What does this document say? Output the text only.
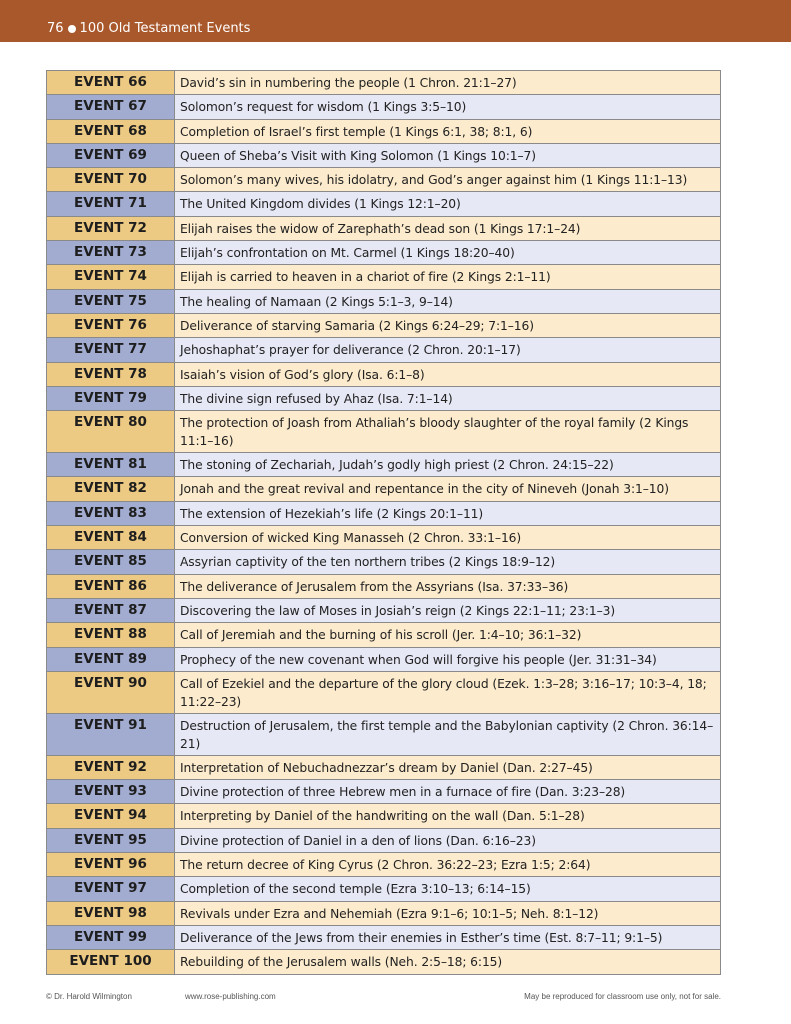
76 100 Old Testament Events
EVENT 66	David’s sin in numbering the people (1 Chron. 21:1–27)
EVENT 67	Solomon’s request for wisdom (1 Kings 3:5–10)
EVENT 68	Completion of Israel’s first temple (1 Kings 6:1, 38; 8:1, 6)
EVENT 69	Queen of Sheba’s Visit with King Solomon (1 Kings 10:1–7)
EVENT 70	Solomon’s many wives, his idolatry, and God’s anger against him (1 Kings 11:1–13)
EVENT 71	The United Kingdom divides (1 Kings 12:1–20)
EVENT 72	Elijah raises the widow of Zarephath’s dead son (1 Kings 17:1–24)
EVENT 73	Elijah’s confrontation on Mt. Carmel (1 Kings 18:20–40)
EVENT 74	Elijah is carried to heaven in a chariot of fire (2 Kings 2:1–11)
EVENT 75	The healing of Namaan (2 Kings 5:1–3, 9–14)
EVENT 76	Deliverance of starving Samaria (2 Kings 6:24–29; 7:1–16)
EVENT 77	Jehoshaphat’s prayer for deliverance (2 Chron. 20:1–17)
EVENT 78	Isaiah’s vision of God’s glory (Isa. 6:1–8)
EVENT 79	The divine sign refused by Ahaz (Isa. 7:1–14)
EVENT 80	The protection of Joash from Athaliah’s bloody slaughter of the royal family (2 Kings 11:1–16)
EVENT 81	The stoning of Zechariah, Judah’s godly high priest (2 Chron. 24:15–22)
EVENT 82	Jonah and the great revival and repentance in the city of Nineveh (Jonah 3:1–10)
EVENT 83	The extension of Hezekiah’s life (2 Kings 20:1–11)
EVENT 84	Conversion of wicked King Manasseh (2 Chron. 33:1–16)
EVENT 85	Assyrian captivity of the ten northern tribes (2 Kings 18:9–12)
EVENT 86	The deliverance of Jerusalem from the Assyrians (Isa. 37:33–36)
EVENT 87	Discovering the law of Moses in Josiah’s reign (2 Kings 22:1–11; 23:1–3)
EVENT 88	Call of Jeremiah and the burning of his scroll (Jer. 1:4–10; 36:1–32)
EVENT 89	Prophecy of the new covenant when God will forgive his people (Jer. 31:31–34)
EVENT 90	Call of Ezekiel and the departure of the glory cloud (Ezek. 1:3–28; 3:16–17; 10:3–4, 18; 11:22–23)
EVENT 91	Destruction of Jerusalem, the first temple and the Babylonian captivity (2 Chron. 36:14–21)
EVENT 92	Interpretation of Nebuchadnezzar’s dream by Daniel (Dan. 2:27–45)
EVENT 93	Divine protection of three Hebrew men in a furnace of fire (Dan. 3:23–28)
EVENT 94	Interpreting by Daniel of the handwriting on the wall (Dan. 5:1–28)
EVENT 95	Divine protection of Daniel in a den of lions (Dan. 6:16–23)
EVENT 96	The return decree of King Cyrus (2 Chron. 36:22–23; Ezra 1:5; 2:64)
EVENT 97	Completion of the second temple (Ezra 3:10–13; 6:14–15)
EVENT 98	Revivals under Ezra and Nehemiah (Ezra 9:1–6; 10:1–5; Neh. 8:1–12)
EVENT 99	Deliverance of the Jews from their enemies in Esther’s time (Est. 8:7–11; 9:1–5)
EVENT 100	Rebuilding of the Jerusalem walls (Neh. 2:5–18; 6:15)
© Dr. Harold Wilmington	www.rose-publishing.com	May be reproduced for classroom use only, not for sale.
